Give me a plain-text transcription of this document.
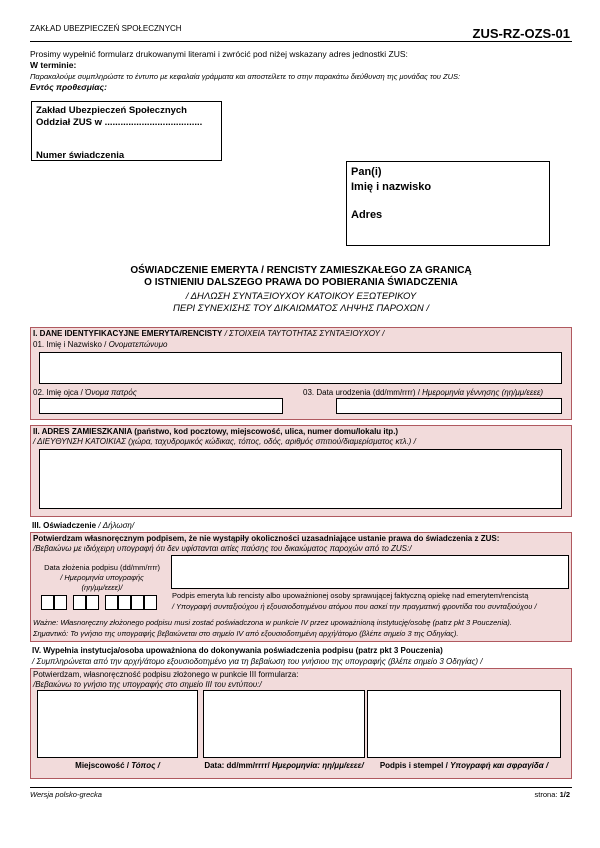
ZAKŁAD UBEZPIECZEŃ SPOŁECZNYCH	ZUS-RZ-OZS-01
Prosimy wypełnić formularz drukowanymi literami i zwrócić pod niżej wskazany adres jednostki ZUS:
W terminie:
Παρακαλούμε συμπληρώστε το έντυπο με κεφαλαία γράμματα και αποστείλετε το στην παρακάτω διεύθυνση της μονάδας του ZUS:
Εντός προθεσμίας:
Zakład Ubezpieczeń Społecznych
Oddział ZUS w .....................................
Numer świadczenia
Pan(i)
Imię i nazwisko
Adres
OŚWIADCZENIE EMERYTA / RENCISTY ZAMIESZKAŁEGO ZA GRANICĄ
O ISTNIENIU DALSZEGO PRAWA DO POBIERANIA ŚWIADCZENIA
/ ΔΗΛΩΣΗ ΣΥΝΤΑΞΙΟΥΧΟΥ ΚΑΤΟΙΚΟΥ ΕΞΩΤΕΡΙΚΟΥ
ΠΕΡΙ ΣΥΝΕΧΙΣΗΣ ΤΟΥ ΔΙΚΑΙΩΜΑΤΟΣ ΛΗΨΗΣ ΠΑΡΟΧΩΝ /
I. DANE IDENTYFIKACYJNE EMERYTA/RENCISTY / ΣΤΟΙΧΕΙΑ ΤΑΥΤΟΤΗΤΑΣ ΣΥΝΤΑΞΙΟΥΧΟΥ /
01. Imię i Nazwisko / Ονοματεπώνυμο
02. Imię ojca / Όνομα πατρός	03. Data urodzenia (dd/mm/rrrr) / Ημερομηνία γέννησης (ηη/μμ/εεεε)
II. ADRES ZAMIESZKANIA (państwo, kod pocztowy, miejscowość, ulica, numer domu/lokalu itp.)
/ ΔΙΕΥΘΥΝΣΗ ΚΑΤΟΙΚΙΑΣ (χώρα, ταχυδρομικός κώδικας, τόπος, οδός, αριθμός σπιτιού/διαμερίσματος κτλ.) /
III. Oświadczenie / Δήλωση/
Potwierdzam własnoręcznym podpisem, że nie wystąpiły okoliczności uzasadniające ustanie prawa do świadczenia z ZUS:
/Βεβαιώνω με ιδιόχειρη υπογραφή ότι δεν υφίστανται αιτίες παύσης του δικαιώματος παροχών από το ZUS:/
Data złożenia podpisu (dd/mm/rrrr)
/ Ημερομηνία υπογραφής
(ηη/μμ/εεεε)/
Podpis emeryta lub rencisty albo upoważnionej osoby sprawującej faktyczną opiekę nad emerytem/rencistą
/ Υπογραφή συνταξιούχου ή εξουσιοδοτημένου ατόμου που ασκεί την πραγματική φροντίδα του συνταξιούχου /
Ważne: Własnoręczny złożonego podpisu musi zostać poświadczona w punkcie IV przez upoważnioną instytucję/osobę (patrz pkt 3 Pouczenia).
Σημαντικό: Το γνήσιο της υπογραφής βεβαιώνεται στο σημείο IV από εξουσιοδοτημένη αρχή/άτομο (βλέπε σημείο 3 της Οδηγίας).
IV. Wypełnia instytucja/osoba upoważniona do dokonywania poświadczenia podpisu (patrz pkt 3 Pouczenia)
/ Συμπληρώνεται από την αρχή/άτομο εξουσιοδοτημένο για τη βεβαίωση του γνήσιου της υπογραφής (βλέπε σημείο 3 Οδηγίας) /
Potwierdzam, własnoręczność podpisu złożonego w punkcie III formularza:
/Βεβαιώνω το γνήσιο της υπογραφής στο σημείο III του εντύπου:/
Miejscowość / Τόπος /	Data: dd/mm/rrrr/ Ημερομηνία: ηη/μμ/εεεε/	Podpis i stempel / Υπογραφή και σφραγίδα /
Wersja polsko-grecka	strona: 1/2
